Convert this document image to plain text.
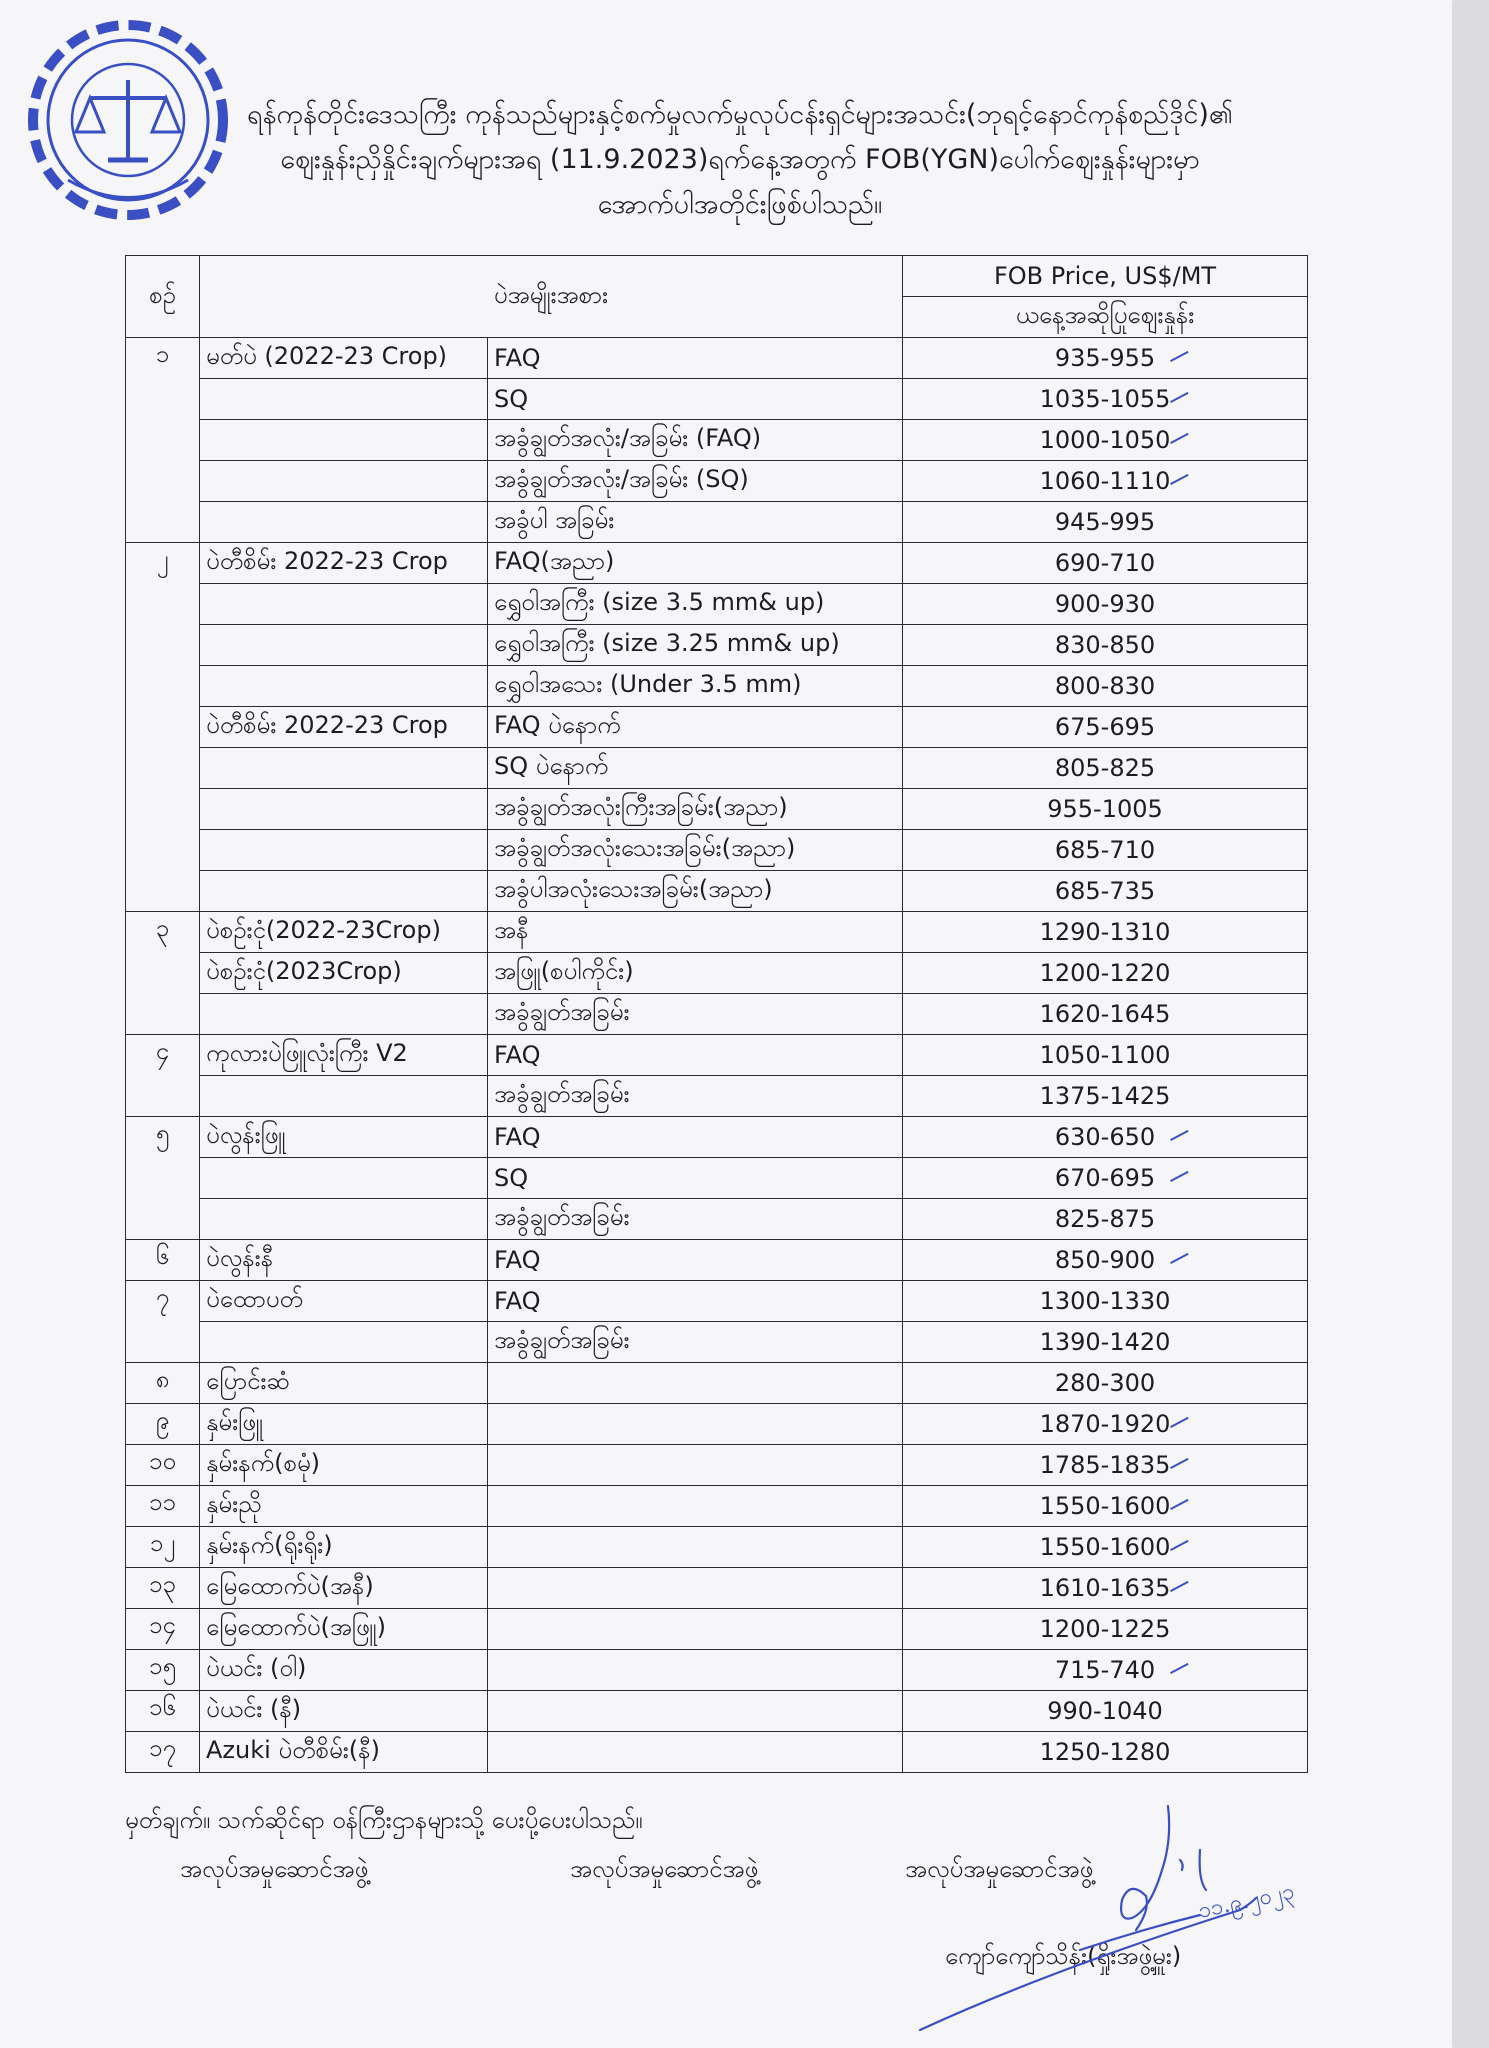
ရန်ကုန်တိုင်းဒေသကြီး ကုန်သည်များနှင့်စက်မှုလက်မှုလုပ်ငန်းရှင်များအသင်း(ဘုရင့်နောင်ကုန်စည်ဒိုင်)၏
ဈေးနှုန်းညှိနှိုင်းချက်များအရ (11.9.2023)ရက်နေ့အတွက် FOB(YGN)ပေါက်ဈေးနှုန်းများမှာ
အောက်ပါအတိုင်းဖြစ်ပါသည်။
စဉ်	ပဲအမျိုးအစား		FOB Price, US$/MT
			ယနေ့အဆိုပြုဈေးနှုန်း
၁	မတ်ပဲ (2022-23 Crop)	FAQ	935-955

		SQ	1035-1055

		အခွံချွတ်အလုံး/အခြမ်း (FAQ)	1000-1050

		အခွံချွတ်အလုံး/အခြမ်း (SQ)	1060-1110

		အခွံပါ အခြမ်း	945-995
၂	ပဲတီစိမ်း 2022-23 Crop	FAQ(အညာ)	690-710
		ရွှေဝါအကြီး (size 3.5 mm& up)	900-930
		ရွှေဝါအကြီး (size 3.25 mm& up)	830-850
		ရွှေဝါအသေး (Under 3.5 mm)	800-830
	ပဲတီစိမ်း 2022-23 Crop	FAQ ပဲနောက်	675-695
		SQ ပဲနောက်	805-825
		အခွံချွတ်အလုံးကြီးအခြမ်း(အညာ)	955-1005
		အခွံချွတ်အလုံးသေးအခြမ်း(အညာ)	685-710
		အခွံပါအလုံးသေးအခြမ်း(အညာ)	685-735
၃	ပဲစဉ်းငုံ(2022-23Crop)	အနီ	1290-1310
	ပဲစဉ်းငုံ(2023Crop)	အဖြူ(စပါကိုင်း)	1200-1220
		အခွံချွတ်အခြမ်း	1620-1645
၄	ကုလားပဲဖြူလုံးကြီး V2	FAQ	1050-1100
		အခွံချွတ်အခြမ်း	1375-1425
၅	ပဲလွန်းဖြူ	FAQ	630-650

		SQ	670-695

		အခွံချွတ်အခြမ်း	825-875
၆	ပဲလွန်းနီ	FAQ	850-900

၇	ပဲထောပတ်	FAQ	1300-1330
		အခွံချွတ်အခြမ်း	1390-1420
၈	ပြောင်းဆံ		280-300
၉	နှမ်းဖြူ		1870-1920

၁၀	နှမ်းနက်(စမုံ)		1785-1835

၁၁	နှမ်းညို		1550-1600

၁၂	နှမ်းနက်(ရိုးရိုး)		1550-1600

၁၃	မြေထောက်ပဲ(အနီ)		1610-1635

၁၄	မြေထောက်ပဲ(အဖြူ)		1200-1225
၁၅	ပဲယင်း (ဝါ)		715-740

၁၆	ပဲယင်း (နီ)		990-1040
၁၇	Azuki ပဲတီစိမ်း(နီ)		1250-1280
မှတ်ချက်။ သက်ဆိုင်ရာ ဝန်ကြီးဌာနများသို့ ပေးပို့ပေးပါသည်။
အလုပ်အမှုဆောင်အဖွဲ့	အလုပ်အမှုဆောင်အဖွဲ့	အလုပ်အမှုဆောင်အဖွဲ့
ကျော်ကျော်သိန်း(ရှိုးအဖွဲ့မှူး)
၁၁.၉.၂၀၂၃
